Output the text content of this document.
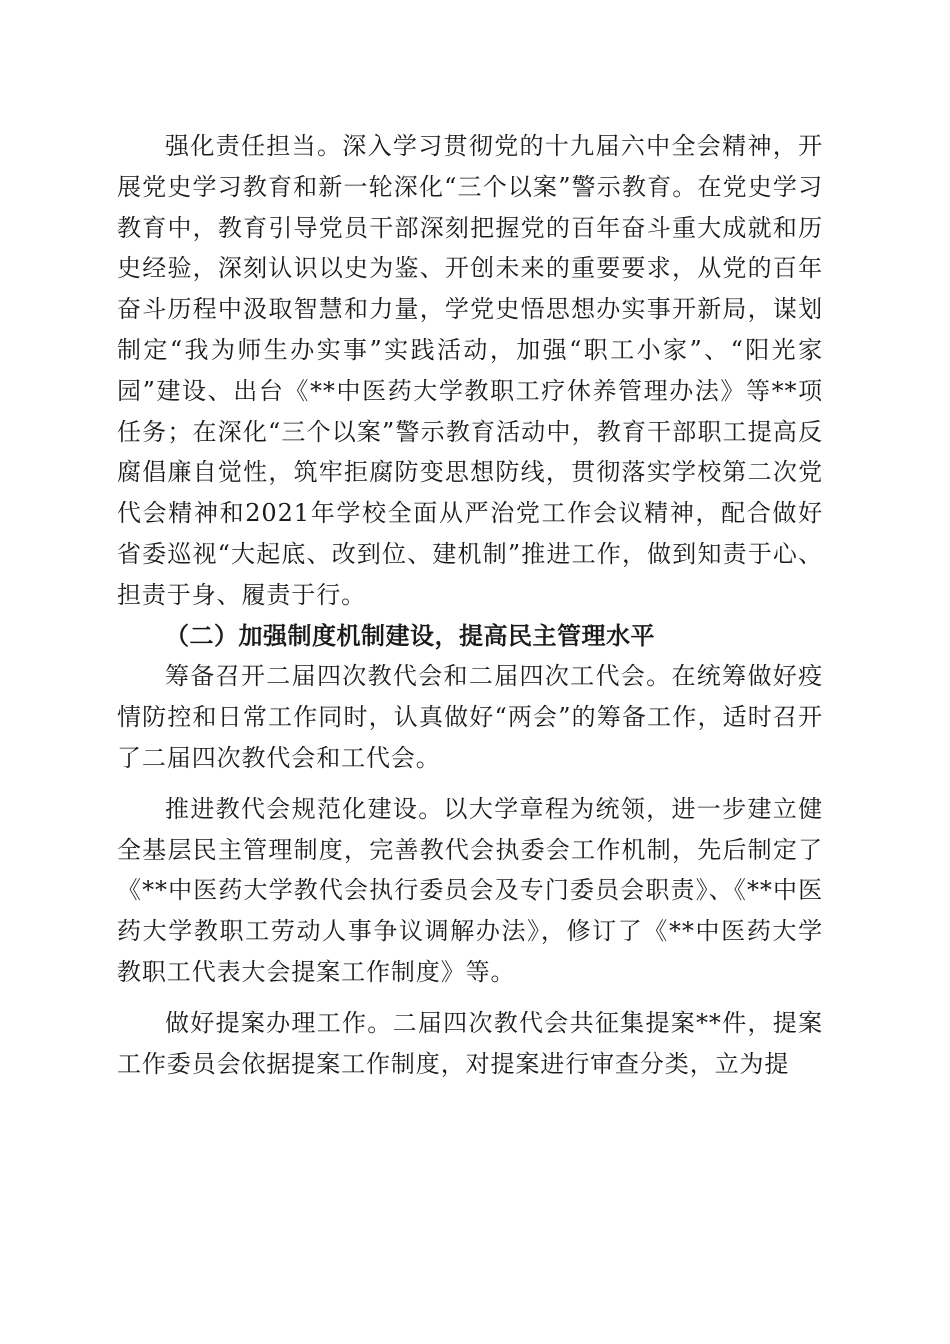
强化责任担当。深入学习贯彻党的十九届六中全会精神，开展党史学习教育和新一轮深化“三个以案”警示教育。在党史学习教育中，教育引导党员干部深刻把握党的百年奋斗重大成就和历史经验，深刻认识以史为鉴、开创未来的重要要求，从党的百年奋斗历程中汲取智慧和力量，学党史悟思想办实事开新局，谋划制定“我为师生办实事”实践活动，加强“职工小家”、“阳光家园”建设、出台《**中医药大学教职工疗休养管理办法》等**项任务；在深化“三个以案”警示教育活动中，教育干部职工提高反腐倡廉自觉性，筑牢拒腐防变思想防线，贯彻落实学校第二次党代会精神和2021年学校全面从严治党工作会议精神，配合做好省委巡视“大起底、改到位、建机制”推进工作，做到知责于心、担责于身、履责于行。

（二）加强制度机制建设，提高民主管理水平

筹备召开二届四次教代会和二届四次工代会。在统筹做好疫情防控和日常工作同时，认真做好“两会”的筹备工作，适时召开了二届四次教代会和工代会。

推进教代会规范化建设。以大学章程为统领，进一步建立健全基层民主管理制度，完善教代会执委会工作机制，先后制定了《**中医药大学教代会执行委员会及专门委员会职责》、《**中医药大学教职工劳动人事争议调解办法》，修订了《**中医药大学教职工代表大会提案工作制度》等。

做好提案办理工作。二届四次教代会共征集提案**件，提案工作委员会依据提案工作制度，对提案进行审查分类，立为提
